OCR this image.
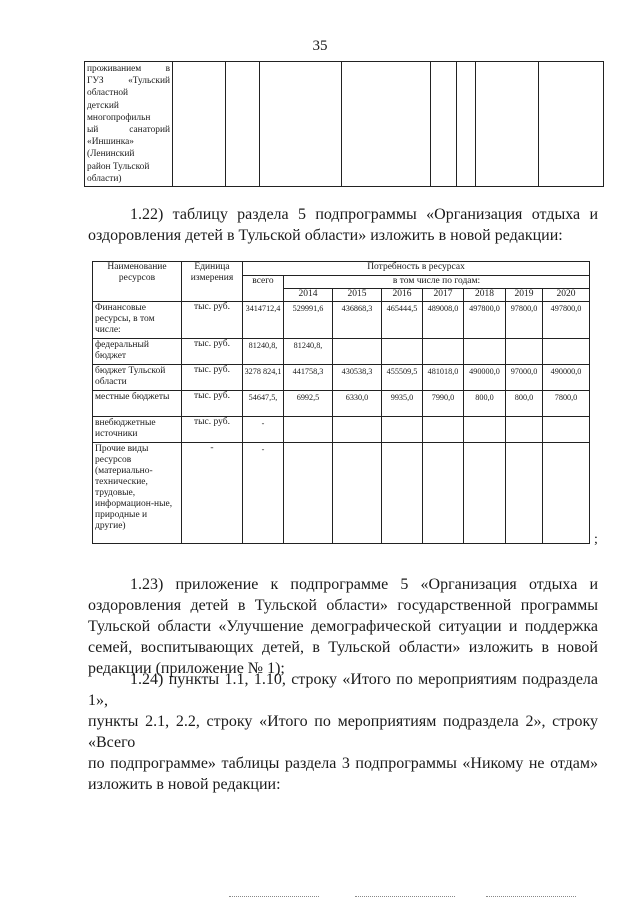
35
проживанием в
ГУЗ «Тульский
областной
детский
многопрофильн
ый санаторий
«Иншинка»
(Ленинский
район Тульской
области)

1.22) таблицу раздела 5 подпрограммы «Организация отдыха и
оздоровления детей в Тульской области» изложить в новой редакции:
Наименование ресурсов	Единица измерения	Потребность в ресурсах							
		всего	в том числе по годам:						
			2014	2015	2016	2017	2018	2019	2020
Финансовые ресурсы, в том числе:	тыс. руб.	3414712,4	529991,6	436868,3	465444,5	489008,0	497800,0	97800,0	497800,0
федеральный бюджет	тыс. руб.	81240,8,	81240,8,						
бюджет Тульской области	тыс. руб.	3278 824,1	441758,3	430538,3	455509,5	481018,0	490000,0	97000,0	490000,0
местные бюджеты	тыс. руб.	54647,5,	6992,5	6330,0	9935,0	7990,0	800,0	800,0	7800,0
внебюджетные источники	тыс. руб.	-							
Прочие виды ресурсов (материально-технические, трудовые, информацион-ные, природные и другие)	-	-							
;
1.23) приложение к подпрограмме 5 «Организация отдыха и
оздоровления детей в Тульской области» государственной программы
Тульской области «Улучшение демографической ситуации и поддержка
семей, воспитывающих детей, в Тульской области» изложить в новой
редакции (приложение № 1);
1.24) пункты 1.1, 1.10, строку «Итого по мероприятиям подраздела 1»,
пункты 2.1, 2.2, строку «Итого по мероприятиям подраздела 2», строку «Всего
по подпрограмме» таблицы раздела 3 подпрограммы «Никому не отдам»
изложить в новой редакции:
